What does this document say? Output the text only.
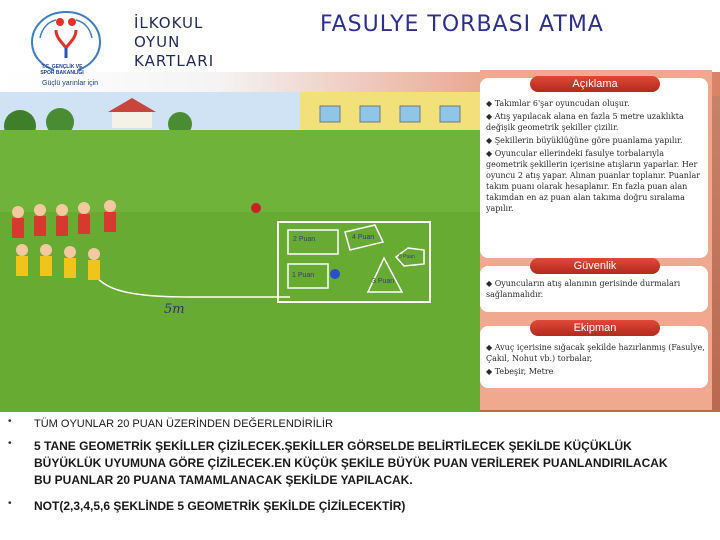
T.C. GENÇLİK VE SPOR BAKANLIĞI
Güçlü yarınlar için
İLKOKUL
OYUN
KARTLARI
FASULYE TORBASI ATMA
2 Puan	4 Puan
5 Puan
1 Puan
3 Puan
5m
Açıklama
◆ Takımlar 6'şar oyuncudan oluşur.
◆ Atış yapılacak alana en fazla 5 metre uzaklıkta değişik geometrik şekiller çizilir.
◆ Şekillerin büyüklüğüne göre puanlama yapılır.
◆ Oyuncular ellerindeki fasulye torbalarıyla geometrik şekillerin içerisine atışların yaparlar. Her oyuncu 2 atış yapar. Alınan puanlar toplanır. Puanlar takım puanı olarak hesaplanır. En fazla puan alan takımdan en az puan alan takıma doğru sıralama yapılır.
Güvenlik
◆ Oyuncuların atış alanının gerisinde durmaları sağlanmalıdır.
Ekipman
◆ Avuç içerisine sığacak şekilde hazırlanmış (Fasulye, Çakıl, Nohut vb.) torbalar,
◆ Tebeşir, Metre
• TÜM OYUNLAR 20 PUAN ÜZERİNDEN DEĞERLENDİRİLİR
• 5 TANE GEOMETRİK ŞEKİLLER ÇİZİLECEK.ŞEKİLLER GÖRSELDE BELİRTİLECEK ŞEKİLDE KÜÇÜKLÜK BÜYÜKLÜK UYUMUNA GÖRE ÇİZİLECEK.EN KÜÇÜK ŞEKİLE BÜYÜK PUAN VERİLEREK PUANLANDIRILACAK BU PUANLAR 20 PUANA TAMAMLANACAK ŞEKİLDE YAPILACAK.
• NOT(2,3,4,5,6 ŞEKLİNDE 5 GEOMETRİK ŞEKİLDE ÇİZİLECEKTİR)
